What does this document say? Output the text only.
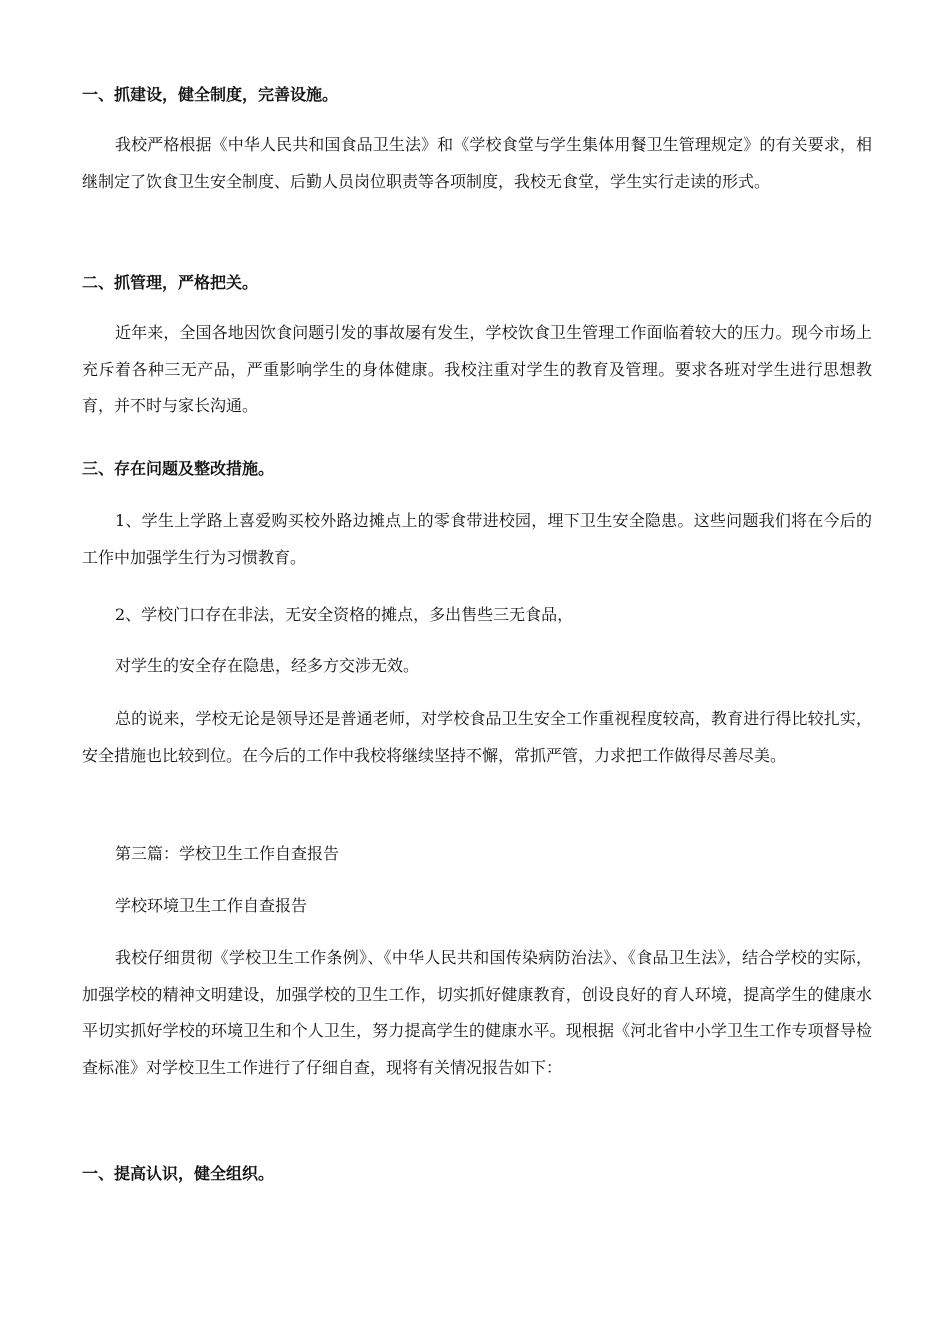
一、抓建设，健全制度，完善设施。
我校严格根据《中华人民共和国食品卫生法》和《学校食堂与学生集体用餐卫生管理规定》的有关要求，相继制定了饮食卫生安全制度、后勤人员岗位职责等各项制度，我校无食堂，学生实行走读的形式。
二、抓管理，严格把关。
近年来，全国各地因饮食问题引发的事故屡有发生，学校饮食卫生管理工作面临着较大的压力。现今市场上充斥着各种三无产品，严重影响学生的身体健康。我校注重对学生的教育及管理。要求各班对学生进行思想教育，并不时与家长沟通。
三、存在问题及整改措施。
1、学生上学路上喜爱购买校外路边摊点上的零食带进校园，埋下卫生安全隐患。这些问题我们将在今后的工作中加强学生行为习惯教育。
2、学校门口存在非法，无安全资格的摊点，多出售些三无食品，
对学生的安全存在隐患，经多方交涉无效。
总的说来，学校无论是领导还是普通老师，对学校食品卫生安全工作重视程度较高，教育进行得比较扎实，安全措施也比较到位。在今后的工作中我校将继续坚持不懈，常抓严管，力求把工作做得尽善尽美。
第三篇：学校卫生工作自查报告
学校环境卫生工作自查报告
我校仔细贯彻《学校卫生工作条例》、《中华人民共和国传染病防治法》、《食品卫生法》，结合学校的实际，加强学校的精神文明建设，加强学校的卫生工作，切实抓好健康教育，创设良好的育人环境，提高学生的健康水平切实抓好学校的环境卫生和个人卫生，努力提高学生的健康水平。现根据《河北省中小学卫生工作专项督导检查标准》对学校卫生工作进行了仔细自查，现将有关情况报告如下：
一、提高认识，健全组织。
